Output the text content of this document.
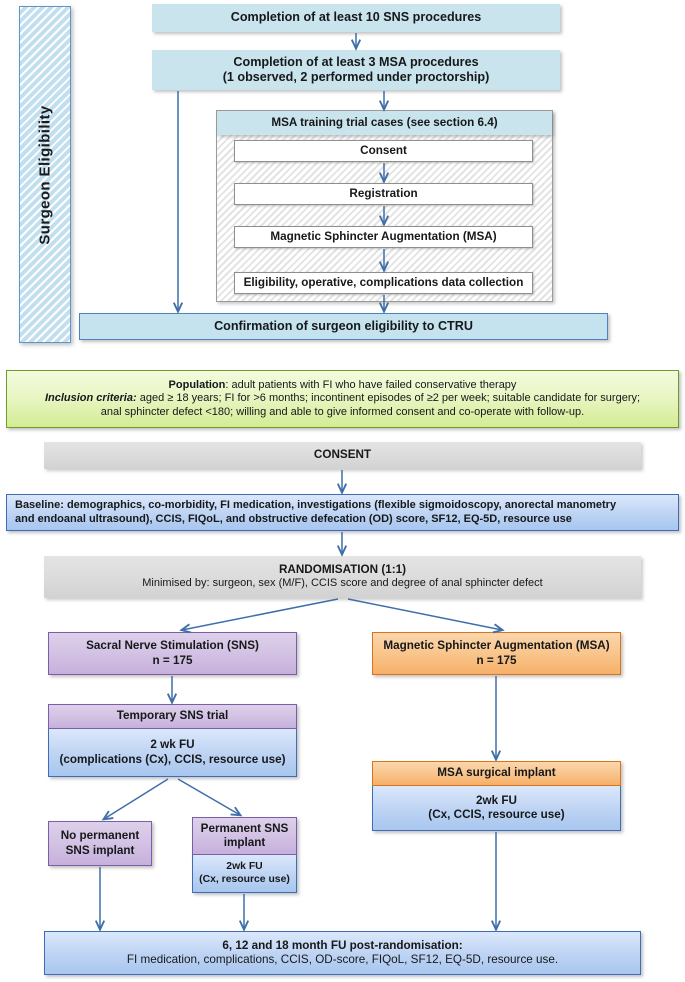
Surgeon Eligibility
Completion of at least 10 SNS procedures
Completion of at least 3 MSA procedures
(1 observed, 2 performed under proctorship)
MSA training trial cases (see section 6.4)
Consent
Registration
Magnetic Sphincter Augmentation (MSA)
Eligibility, operative, complications data collection
Confirmation of surgeon eligibility to CTRU
Population: adult patients with FI who have failed conservative therapy
Inclusion criteria: aged ≥ 18 years; FI for >6 months; incontinent episodes of ≥2 per week; suitable candidate for surgery;
anal sphincter defect <180; willing and able to give informed consent and co-operate with follow-up.
CONSENT
Baseline: demographics, co-morbidity, FI medication, investigations (flexible sigmoidoscopy, anorectal manometry
and endoanal ultrasound), CCIS, FIQoL, and obstructive defecation (OD) score, SF12, EQ-5D, resource use
RANDOMISATION (1:1)
Minimised by: surgeon, sex (M/F), CCIS score and degree of anal sphincter defect
Sacral Nerve Stimulation (SNS)
n = 175
Temporary SNS trial
2 wk FU
(complications (Cx), CCIS, resource use)
No permanent
SNS implant
Permanent SNS
implant
2wk FU
(Cx, resource use)
Magnetic Sphincter Augmentation (MSA)
n = 175
MSA surgical implant
2wk FU
(Cx, CCIS, resource use)
6, 12 and 18 month FU post-randomisation:
FI medication, complications, CCIS, OD-score, FIQoL, SF12, EQ-5D, resource use.
